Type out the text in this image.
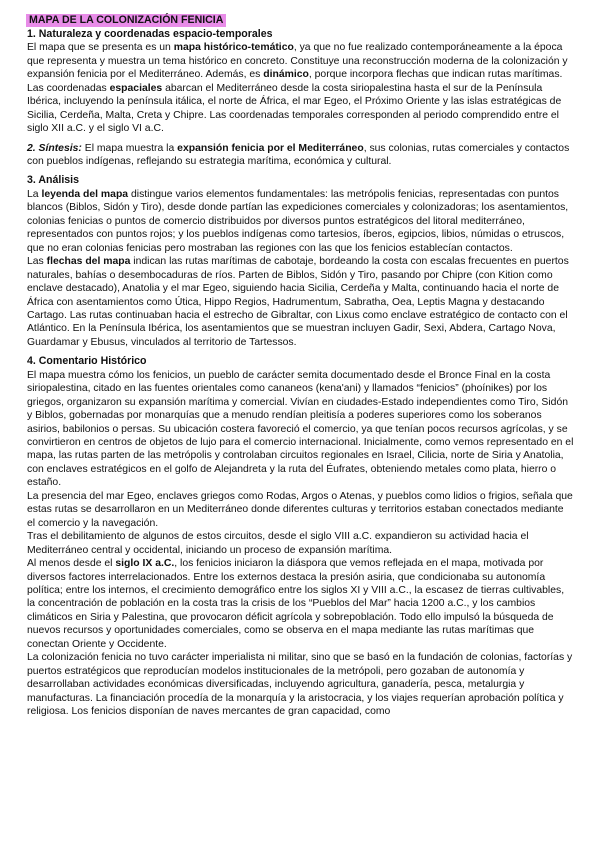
MAPA DE LA COLONIZACIÓN FENICIA
1. Naturaleza y coordenadas espacio-temporales

El mapa que se presenta es un mapa histórico-temático, ya que no fue realizado contemporáneamente a la época que representa y muestra un tema histórico en concreto. Constituye una reconstrucción moderna de la colonización y expansión fenicia por el Mediterráneo. Además, es dinámico, porque incorpora flechas que indican rutas marítimas. Las coordenadas espaciales abarcan el Mediterráneo desde la costa siriopalestina hasta el sur de la Península Ibérica, incluyendo la península itálica, el norte de África, el mar Egeo, el Próximo Oriente y las islas estratégicas de Sicilia, Cerdeña, Malta, Creta y Chipre. Las coordenadas temporales corresponden al periodo comprendido entre el siglo XII a.C. y el siglo VI a.C.

2. Síntesis: El mapa muestra la expansión fenicia por el Mediterráneo, sus colonias, rutas comerciales y contactos con pueblos indígenas, reflejando su estrategia marítima, económica y cultural.

3. Análisis

La leyenda del mapa distingue varios elementos fundamentales: las metrópolis fenicias, representadas con puntos blancos (Biblos, Sidón y Tiro), desde donde partían las expediciones comerciales y colonizadoras; los asentamientos, colonias fenicias o puntos de comercio distribuidos por diversos puntos estratégicos del litoral mediterráneo, representados con puntos rojos; y los pueblos indígenas como tartesios, íberos, egipcios, libios, númidas o etruscos, que no eran colonias fenicias pero mostraban las regiones con las que los fenicios establecían contactos.

Las flechas del mapa indican las rutas marítimas de cabotaje, bordeando la costa con escalas frecuentes en puertos naturales, bahías o desembocaduras de ríos. Parten de Biblos, Sidón y Tiro, pasando por Chipre (con Kition como enclave destacado), Anatolia y el mar Egeo, siguiendo hacia Sicilia, Cerdeña y Malta, continuando hacia el norte de África con asentamientos como Útica, Hippo Regios, Hadrumentum, Sabratha, Oea, Leptis Magna y destacando Cartago. Las rutas continuaban hacia el estrecho de Gibraltar, con Lixus como enclave estratégico de contacto con el Atlántico. En la Península Ibérica, los asentamientos que se muestran incluyen Gadir, Sexi, Abdera, Cartago Nova, Guardamar y Ebusus, vinculados al territorio de Tartessos.

4. Comentario Histórico

El mapa muestra cómo los fenicios, un pueblo de carácter semita documentado desde el Bronce Final en la costa siriopalestina, citado en las fuentes orientales como cananeos (kena'ani) y llamados “fenicios” (phoínikes) por los griegos, organizaron su expansión marítima y comercial. Vivían en ciudades-Estado independientes como Tiro, Sidón y Biblos, gobernadas por monarquías que a menudo rendían pleitisía a poderes superiores como los soberanos asirios, babilonios o persas. Su ubicación costera favoreció el comercio, ya que tenían pocos recursos agrícolas, y se convirtieron en centros de objetos de lujo para el comercio internacional. Inicialmente, como vemos representado en el mapa, las rutas parten de las metrópolis y controlaban circuitos regionales en Israel, Cilicia, norte de Siria y Anatolia, con enclaves estratégicos en el golfo de Alejandreta y la ruta del Éufrates, obteniendo metales como plata, hierro o estaño.

La presencia del mar Egeo, enclaves griegos como Rodas, Argos o Atenas, y pueblos como lidios o frigios, señala que estas rutas se desarrollaron en un Mediterráneo donde diferentes culturas y territorios estaban conectados mediante el comercio y la navegación.

Tras el debilitamiento de algunos de estos circuitos, desde el siglo VIII a.C. expandieron su actividad hacia el Mediterráneo central y occidental, iniciando un proceso de expansión marítima.

Al menos desde el siglo IX a.C., los fenicios iniciaron la diáspora que vemos reflejada en el mapa, motivada por diversos factores interrelacionados. Entre los externos destaca la presión asiria, que condicionaba su autonomía política; entre los internos, el crecimiento demográfico entre los siglos XI y VIII a.C., la escasez de tierras cultivables, la concentración de población en la costa tras la crisis de los “Pueblos del Mar” hacia 1200 a.C., y los cambios climáticos en Siria y Palestina, que provocaron déficit agrícola y sobrepoblación. Todo ello impulsó la búsqueda de nuevos recursos y oportunidades comerciales, como se observa en el mapa mediante las rutas marítimas que conectan Oriente y Occidente.

La colonización fenicia no tuvo carácter imperialista ni militar, sino que se basó en la fundación de colonias, factorías y puertos estratégicos que reproducían modelos institucionales de la metrópoli, pero gozaban de autonomía y desarrollaban actividades económicas diversificadas, incluyendo agricultura, ganadería, pesca, metalurgia y manufacturas. La financiación procedía de la monarquía y la aristocracia, y los viajes requerían aprobación política y religiosa. Los fenicios disponían de naves mercantes de gran capacidad, como
